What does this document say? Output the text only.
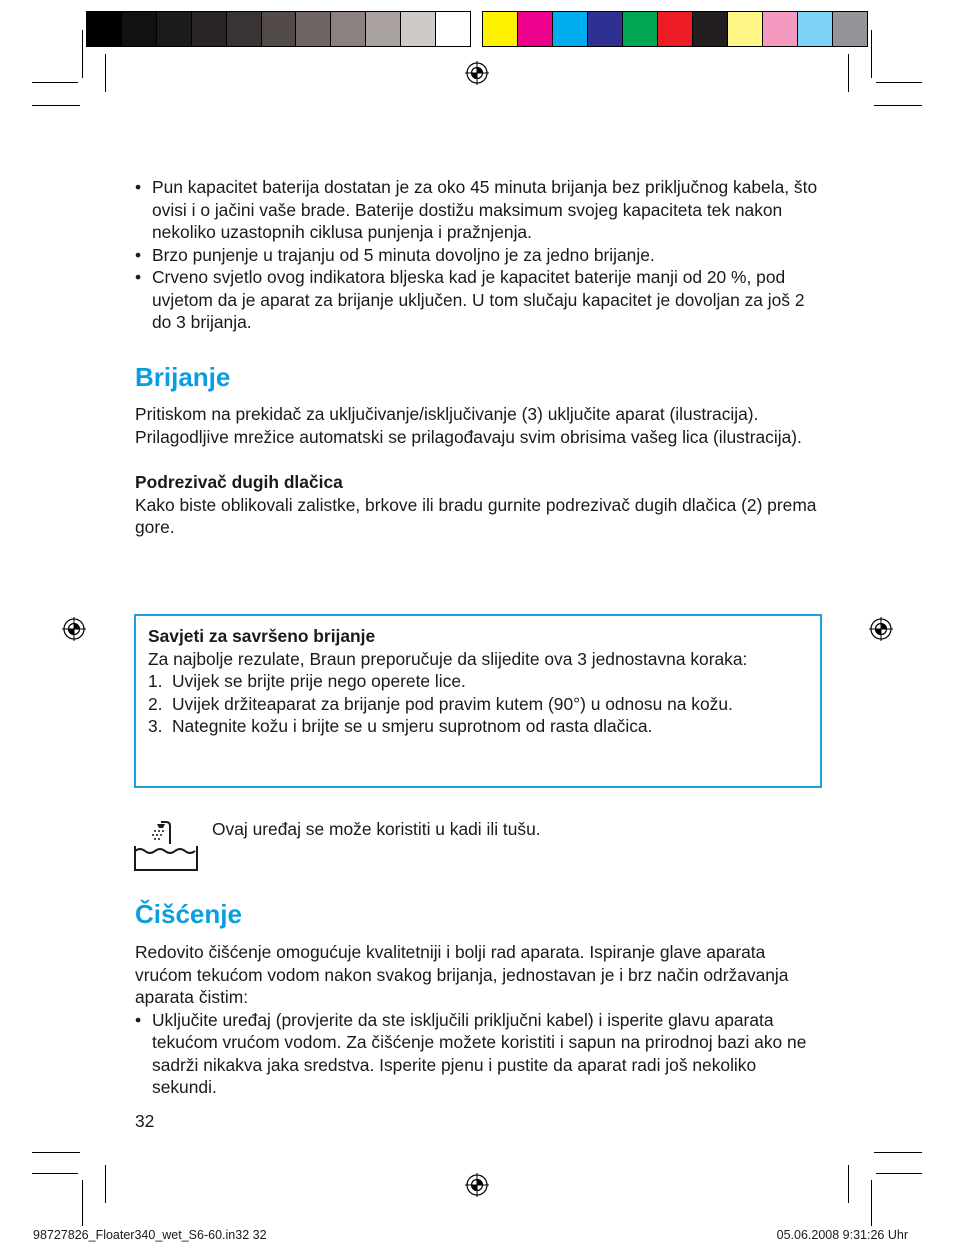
• Pun kapacitet baterija dostatan je za oko 45 minuta brijanja bez priključnog kabela, što ovisi i o jačini vaše brade. Baterije dostižu maksimum svojeg kapaciteta tek nakon nekoliko uzastopnih ciklusa punjenja i pražnjenja.
• Brzo punjenje u trajanju od 5 minuta dovoljno je za jedno brijanje.
• Crveno svjetlo ovog indikatora bljeska kad je kapacitet baterije manji od 20 %, pod uvjetom da je aparat za brijanje uključen. U tom slučaju kapacitet je dovoljan za još 2 do 3 brijanja.
Brijanje

Pritiskom na prekidač za uključivanje/isključivanje (3) uključite aparat (ilustracija).

Prilagodljive mrežice automatski se prilagođavaju svim obrisima vašeg lica (ilustracija).

Podrezivač dugih dlačica

Kako biste oblikovali zalistke, brkove ili bradu gurnite podrezivač dugih dlačica (2) prema gore.

Savjeti za savršeno brijanje
Za najbolje rezulate, Braun preporučuje da slijedite ova 3 jednostavna koraka:
1. Uvijek se brijte prije nego operete lice.
2. Uvijek držiteaparat za brijanje pod pravim kutem (90°) u odnosu na kožu.
3. Nategnite kožu i brijte se u smjeru suprotnom od rasta dlačica.
Ovaj uređaj se može koristiti u kadi ili tušu.
Čišćenje

Redovito čišćenje omogućuje kvalitetniji i bolji rad aparata. Ispiranje glave aparata vrućom tekućom vodom nakon svakog brijanja, jednostavan je i brz način održavanja aparata čistim:

• Uključite uređaj (provjerite da ste isključili priključni kabel) i isperite glavu aparata tekućom vrućom vodom. Za čišćenje možete koristiti i sapun na prirodnoj bazi ako ne sadrži nikakva jaka sredstva. Isperite pjenu i pustite da aparat radi još nekoliko sekundi.
32
98727826_Floater340_wet_S6-60.in32 32	05.06.2008 9:31:26 Uhr
